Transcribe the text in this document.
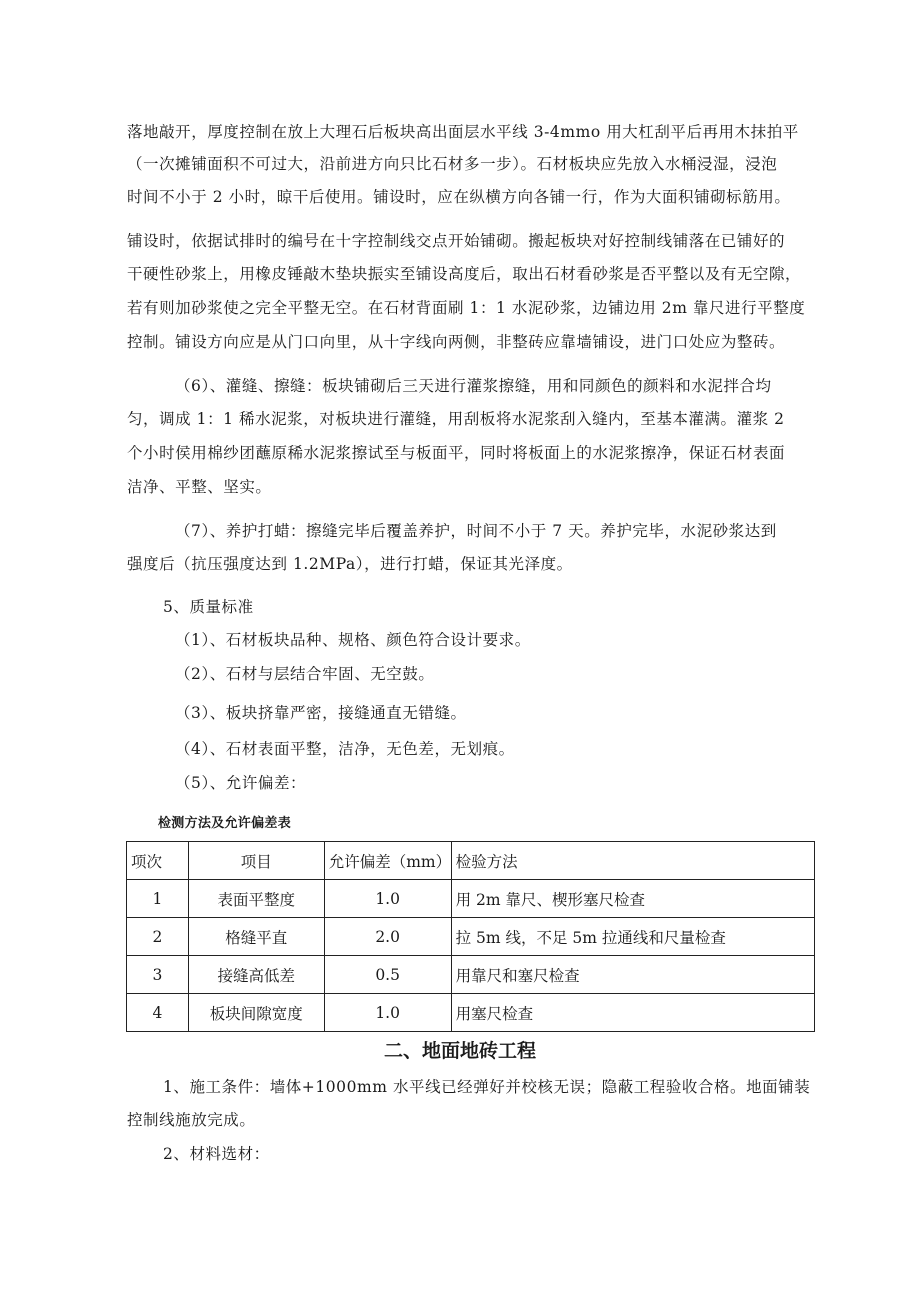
落地敲开，厚度控制在放上大理石后板块高出面层水平线 3-4mmo 用大杠刮平后再用木抹拍平
（一次摊铺面积不可过大，沿前进方向只比石材多一步）。石材板块应先放入水桶浸湿，浸泡
时间不小于 2 小时，晾干后使用。铺设时，应在纵横方向各铺一行，作为大面积铺砌标筋用。
铺设时，依据试排时的编号在十字控制线交点开始铺砌。搬起板块对好控制线铺落在已铺好的
干硬性砂浆上，用橡皮锤敲木垫块振实至铺设高度后，取出石材看砂浆是否平整以及有无空隙，
若有则加砂浆使之完全平整无空。在石材背面刷 1：1 水泥砂浆，边铺边用 2m 靠尺进行平整度
控制。铺设方向应是从门口向里，从十字线向两侧，非整砖应靠墙铺设，进门口处应为整砖。
（6）、灌缝、擦缝：板块铺砌后三天进行灌浆擦缝，用和同颜色的颜料和水泥拌合均
匀，调成 1：1 稀水泥浆，对板块进行灌缝，用刮板将水泥浆刮入缝内，至基本灌满。灌浆 2
个小时侯用棉纱团蘸原稀水泥浆擦试至与板面平，同时将板面上的水泥浆擦净，保证石材表面
洁净、平整、坚实。
（7）、养护打蜡：擦缝完毕后覆盖养护，时间不小于 7 天。养护完毕，水泥砂浆达到
强度后（抗压强度达到 1.2MPa），进行打蜡，保证其光泽度。
5、质量标准
（1）、石材板块品种、规格、颜色符合设计要求。
（2）、石材与层结合牢固、无空鼓。
（3）、板块挤靠严密，接缝通直无错缝。
（4）、石材表面平整，洁净，无色差，无划痕。
（5）、允许偏差：
检测方法及允许偏差表
项次	项目	允许偏差（mm）	检验方法
1	表面平整度	1.0	用 2m 靠尺、楔形塞尺检查
2	格缝平直	2.0	拉 5m 线，不足 5m 拉通线和尺量检查
3	接缝高低差	0.5	用靠尺和塞尺检查
4	板块间隙宽度	1.0	用塞尺检查
二、地面地砖工程
1、施工条件：墙体+1000mm 水平线已经弹好并校核无误；隐蔽工程验收合格。地面铺装
控制线施放完成。
2、材料选材：
